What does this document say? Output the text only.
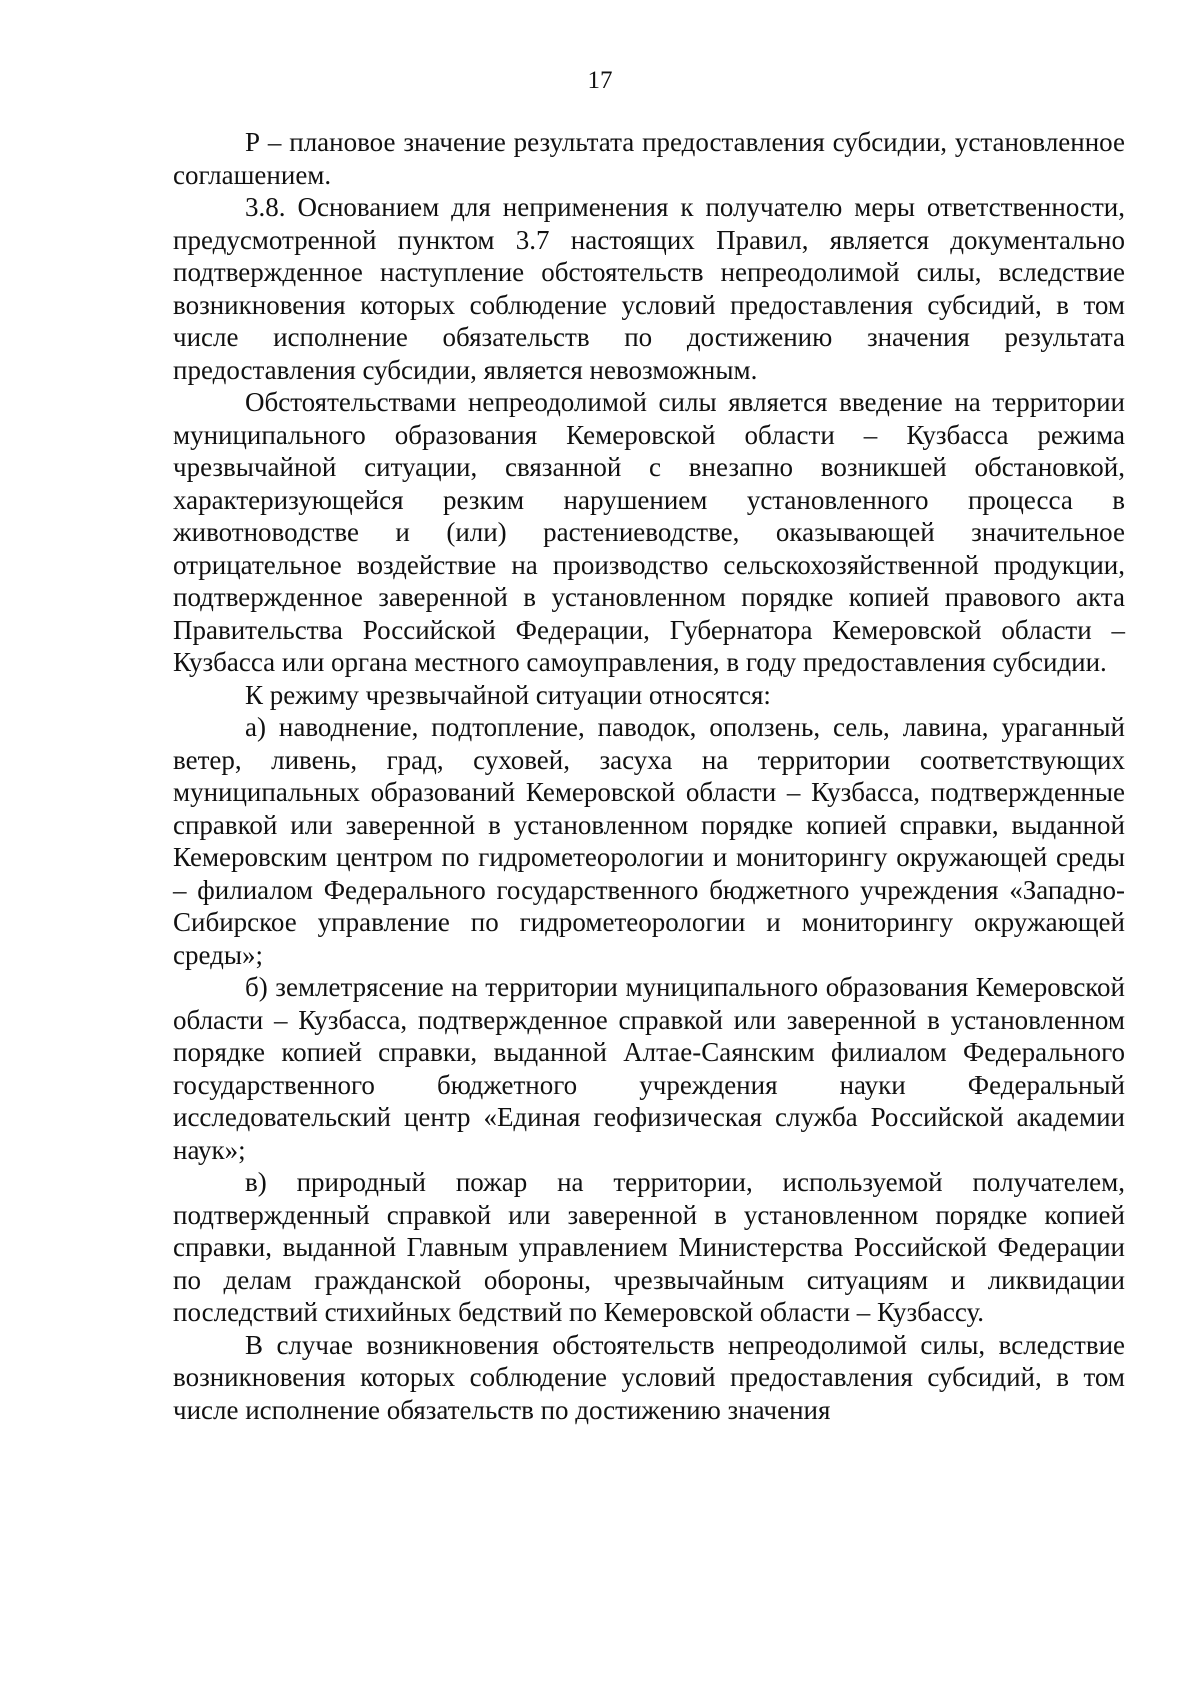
17

Р – плановое значение результата предоставления субсидии, установленное соглашением.

3.8. Основанием для неприменения к получателю меры ответственности, предусмотренной пунктом 3.7 настоящих Правил, является документально подтвержденное наступление обстоятельств непреодолимой силы, вследствие возникновения которых соблюдение условий предоставления субсидий, в том числе исполнение обязательств по достижению значения результата предоставления субсидии, является невозможным.

Обстоятельствами непреодолимой силы является введение на территории муниципального образования Кемеровской области – Кузбасса режима чрезвычайной ситуации, связанной с внезапно возникшей обстановкой, характеризующейся резким нарушением установленного процесса в животноводстве и (или) растениеводстве, оказывающей значительное отрицательное воздействие на производство сельскохозяйственной продукции, подтвержденное заверенной в установленном порядке копией правового акта Правительства Российской Федерации, Губернатора Кемеровской области – Кузбасса или органа местного самоуправления, в году предоставления субсидии.

К режиму чрезвычайной ситуации относятся:

а) наводнение, подтопление, паводок, оползень, сель, лавина, ураганный ветер, ливень, град, суховей, засуха на территории соответствующих муниципальных образований Кемеровской области – Кузбасса, подтвержденные справкой или заверенной в установленном порядке копией справки, выданной Кемеровским центром по гидрометеорологии и мониторингу окружающей среды – филиалом Федерального государственного бюджетного учреждения «Западно-Сибирское управление по гидрометеорологии и мониторингу окружающей среды»;

б) землетрясение на территории муниципального образования Кемеровской области – Кузбасса, подтвержденное справкой или заверенной в установленном порядке копией справки, выданной Алтае-Саянским филиалом Федерального государственного бюджетного учреждения науки Федеральный исследовательский центр «Единая геофизическая служба Российской академии наук»;

в) природный пожар на территории, используемой получателем, подтвержденный справкой или заверенной в установленном порядке копией справки, выданной Главным управлением Министерства Российской Федерации по делам гражданской обороны, чрезвычайным ситуациям и ликвидации последствий стихийных бедствий по Кемеровской области – Кузбассу.

В случае возникновения обстоятельств непреодолимой силы, вследствие возникновения которых соблюдение условий предоставления субсидий, в том числе исполнение обязательств по достижению значения
